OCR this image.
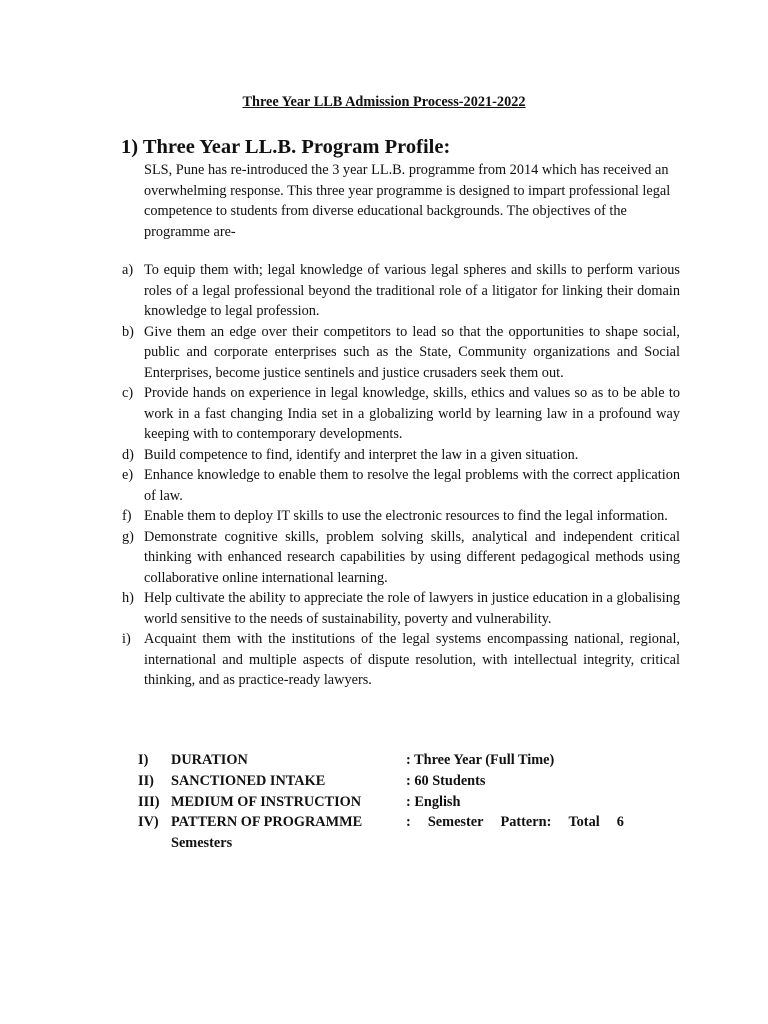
Three Year LLB Admission Process-2021-2022
1) Three Year LL.B. Program Profile:

SLS, Pune has re-introduced the 3 year LL.B. programme from 2014 which has received an overwhelming response. This three year programme is designed to impart professional legal competence to students from diverse educational backgrounds. The objectives of the programme are-

a) To equip them with; legal knowledge of various legal spheres and skills to perform various roles of a legal professional beyond the traditional role of a litigator for linking their domain knowledge to legal profession.
b) Give them an edge over their competitors to lead so that the opportunities to shape social, public and corporate enterprises such as the State, Community organizations and Social Enterprises, become justice sentinels and justice crusaders seek them out.
c) Provide hands on experience in legal knowledge, skills, ethics and values so as to be able to work in a fast changing India set in a globalizing world by learning law in a profound way keeping with to contemporary developments.
d) Build competence to find, identify and interpret the law in a given situation.
e) Enhance knowledge to enable them to resolve the legal problems with the correct application of law.
f) Enable them to deploy IT skills to use the electronic resources to find the legal information.
g) Demonstrate cognitive skills, problem solving skills, analytical and independent critical thinking with enhanced research capabilities by using different pedagogical methods using collaborative online international learning.
h) Help cultivate the ability to appreciate the role of lawyers in justice education in a globalising world sensitive to the needs of sustainability, poverty and vulnerability.
i) Acquaint them with the institutions of the legal systems encompassing national, regional, international and multiple aspects of dispute resolution, with intellectual integrity, critical thinking, and as practice-ready lawyers.
I)	DURATION	: Three Year (Full Time)
II)	SANCTIONED INTAKE	: 60 Students
III) MEDIUM OF INSTRUCTION	: English
IV) PATTERN OF PROGRAMME	: Semester Pattern: Total 6
Semesters
